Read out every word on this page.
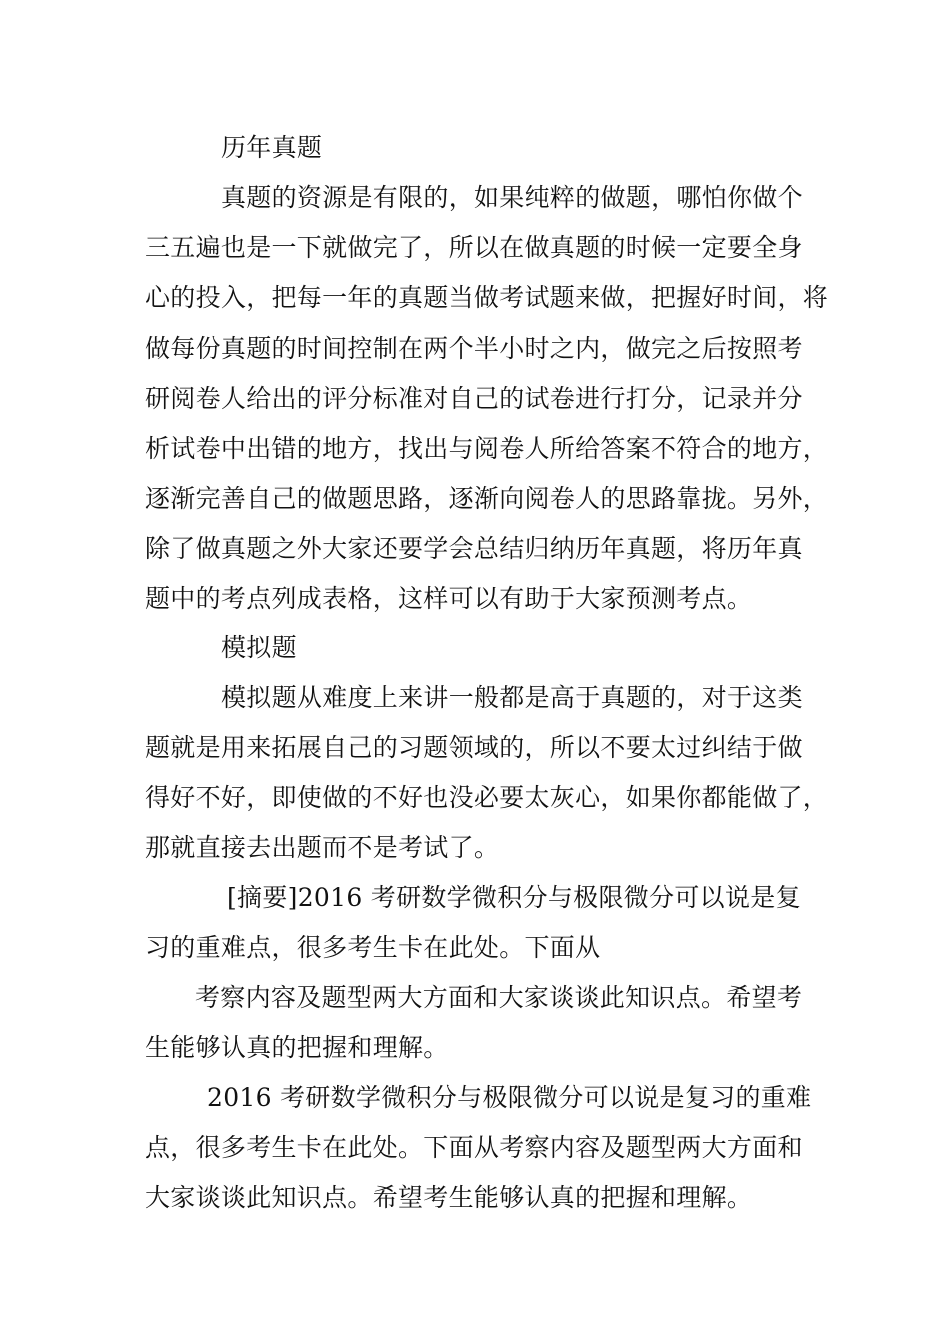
历年真题
真题的资源是有限的，如果纯粹的做题，哪怕你做个
三五遍也是一下就做完了，所以在做真题的时候一定要全身
心的投入，把每一年的真题当做考试题来做，把握好时间，将
做每份真题的时间控制在两个半小时之内，做完之后按照考
研阅卷人给出的评分标准对自己的试卷进行打分，记录并分
析试卷中出错的地方，找出与阅卷人所给答案不符合的地方，
逐渐完善自己的做题思路，逐渐向阅卷人的思路靠拢。另外，
除了做真题之外大家还要学会总结归纳历年真题，将历年真
题中的考点列成表格，这样可以有助于大家预测考点。
模拟题
模拟题从难度上来讲一般都是高于真题的，对于这类
题就是用来拓展自己的习题领域的，所以不要太过纠结于做
得好不好，即使做的不好也没必要太灰心，如果你都能做了，
那就直接去出题而不是考试了。
[摘要]2016 考研数学微积分与极限微分可以说是复
习的重难点，很多考生卡在此处。下面从
考察内容及题型两大方面和大家谈谈此知识点。希望考
生能够认真的把握和理解。
2016 考研数学微积分与极限微分可以说是复习的重难
点，很多考生卡在此处。下面从考察内容及题型两大方面和
大家谈谈此知识点。希望考生能够认真的把握和理解。
